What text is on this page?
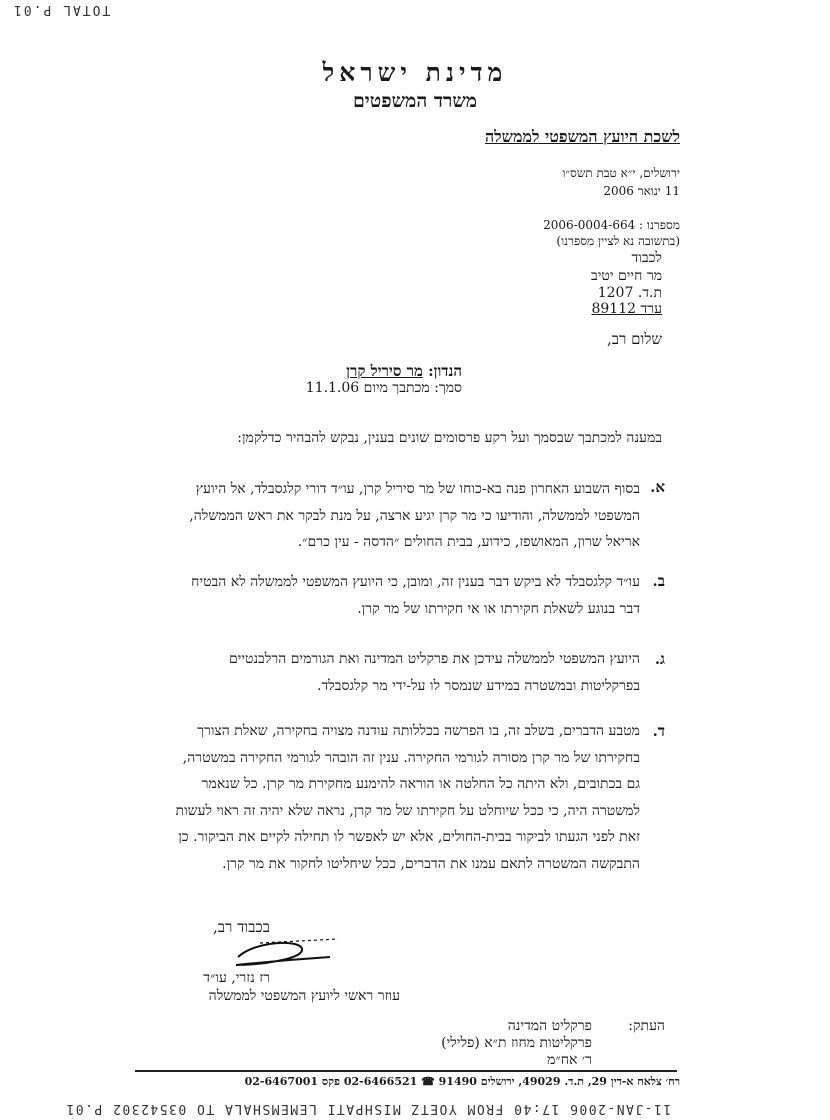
TOTAL P.01
מדינת ישראל
משרד המשפטים
לשכת היועץ המשפטי לממשלה
ירושלים, י״א טבת תשס״ו
11 ינואר 2006
מספרנו : 2006-0004-664
(בתשובה נא לציין מספרנו)
לכבוד
מר חיים יטיב
ת.ד. 1207
ערד 89112
שלום רב,
הנדון: מר סיריל קרן
סמך: מכתבך מיום 11.1.06
במענה למכתבך שבסמך ועל רקע פרסומים שונים בענין, נבקש להבהיר כדלקמן:
א.
בסוף השבוע האחרון פנה בא-כוחו של מר סיריל קרן, עו״ד דורי קלגסבלד, אל היועץ המשפטי לממשלה, והודיעו כי מר קרן יגיע ארצה, על מנת לבקר את ראש הממשלה, אריאל שרון, המאושפז, כידוע, בבית החולים ״הדסה - עין כרם״.
ב.
עו״ד קלגסבלד לא ביקש דבר בענין זה, ומובן, כי היועץ המשפטי לממשלה לא הבטיח דבר בנוגע לשאלת חקירתו או אי חקירתו של מר קרן.
ג.
היועץ המשפטי לממשלה עידכן את פרקליט המדינה ואת הגורמים הרלבנטיים בפרקליטות ובמשטרה במידע שנמסר לו על-ידי מר קלגסבלד.
ד.
מטבע הדברים, בשלב זה, בו הפרשה בכללותה עודנה מצויה בחקירה, שאלת הצורך בחקירתו של מר קרן מסורה לגורמי החקירה. ענין זה הובהר לגורמי החקירה במשטרה, גם בכתובים, ולא היתה כל החלטה או הוראה להימנע מחקירת מר קרן. כל שנאמר למשטרה היה, כי ככל שיוחלט על חקירתו של מר קרן, נראה שלא יהיה זה ראוי לעשות זאת לפני הגעתו לביקור בבית-החולים, אלא יש לאפשר לו תחילה לקיים את הביקור. כן התבקשה המשטרה לתאם עמנו את הדברים, ככל שיחליטו לחקור את מר קרן.
בכבוד רב,
רז נזרי, עו״ד
עוזר ראשי ליועץ המשפטי לממשלה
העתק:
פרקליט המדינה
פרקליטות מחוז ת״א (פלילי)
ר׳ אח״מ
רח׳ צלאח א-דין 29, ת.ד. 49029, ירושלים 91490 ☎ 02-6466521 פקס 02-6467001
11-JAN-2006 17:40 FROM YOETZ MISHPATI LEMEMSHALA TO 03542302 P.01
